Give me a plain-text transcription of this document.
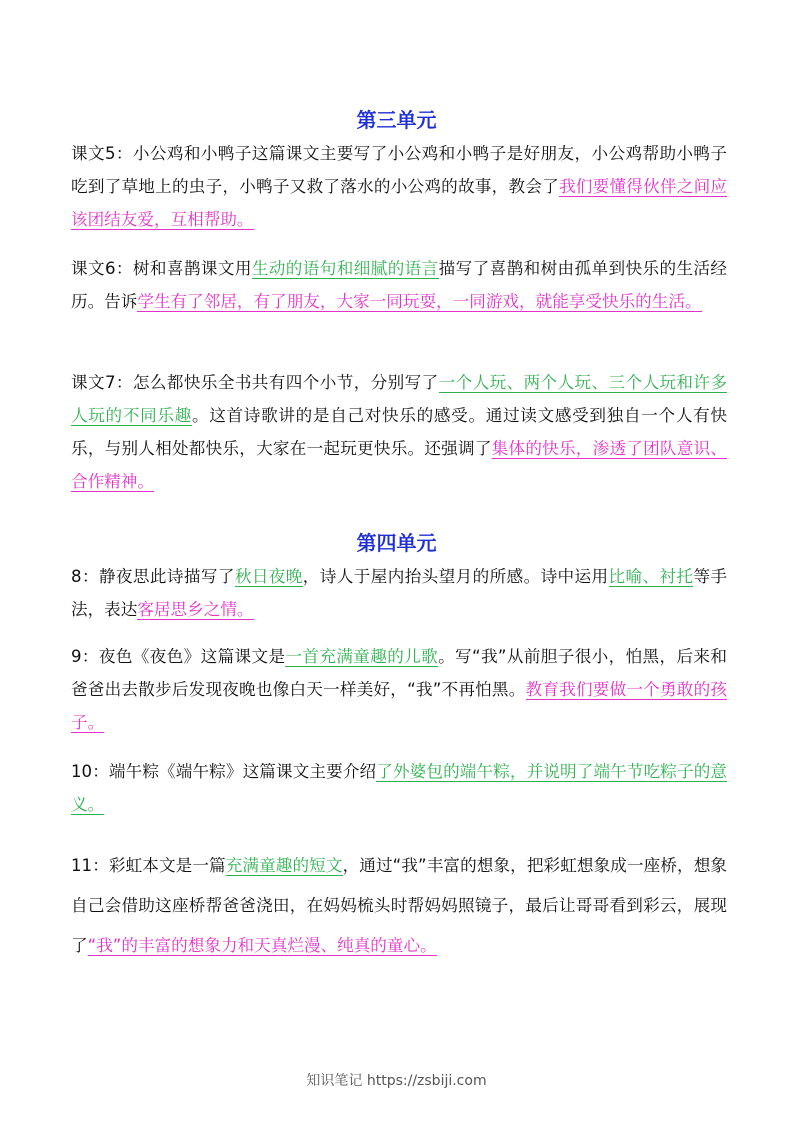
第三单元
课文5：小公鸡和小鸭子这篇课文主要写了小公鸡和小鸭子是好朋友，小公鸡帮助小鸭子吃到了草地上的虫子，小鸭子又救了落水的小公鸡的故事，教会了我们要懂得伙伴之间应该团结友爱，互相帮助。
课文6：树和喜鹊课文用生动的语句和细腻的语言描写了喜鹊和树由孤单到快乐的生活经历。告诉学生有了邻居，有了朋友，大家一同玩耍，一同游戏，就能享受快乐的生活。
课文7：怎么都快乐全书共有四个小节，分别写了一个人玩、两个人玩、三个人玩和许多人玩的不同乐趣。这首诗歌讲的是自己对快乐的感受。通过读文感受到独自一个人有快乐，与别人相处都快乐，大家在一起玩更快乐。还强调了集体的快乐，渗透了团队意识、合作精神。
第四单元
8：静夜思此诗描写了秋日夜晚，诗人于屋内抬头望月的所感。诗中运用比喻、衬托等手法，表达客居思乡之情。
9：夜色《夜色》这篇课文是一首充满童趣的儿歌。写“我”从前胆子很小，怕黑，后来和爸爸出去散步后发现夜晚也像白天一样美好，“我”不再怕黑。教育我们要做一个勇敢的孩子。
10：端午粽《端午粽》这篇课文主要介绍了外婆包的端午粽，并说明了端午节吃粽子的意义。
11：彩虹本文是一篇充满童趣的短文，通过“我”丰富的想象，把彩虹想象成一座桥，想象自己会借助这座桥帮爸爸浇田，在妈妈梳头时帮妈妈照镜子，最后让哥哥看到彩云，展现了“我”的丰富的想象力和天真烂漫、纯真的童心。
知识笔记 https://zsbiji.com
